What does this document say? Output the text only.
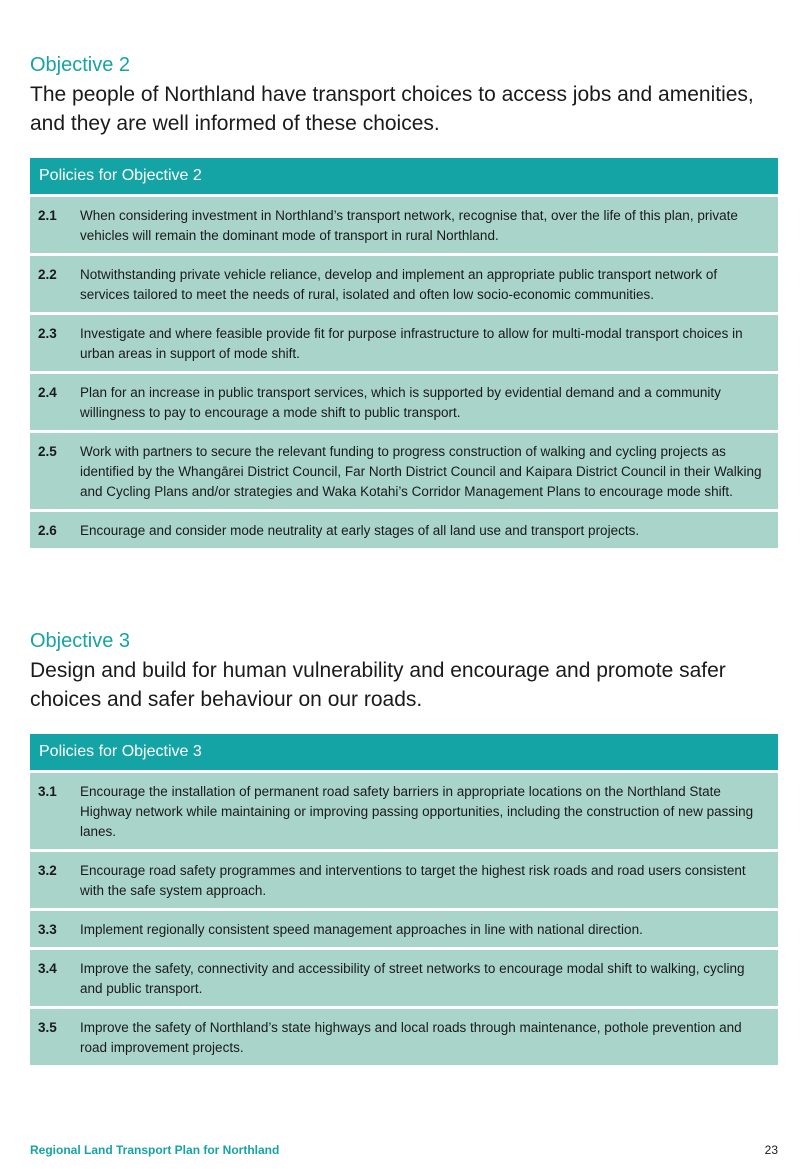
Objective 2

The people of Northland have transport choices to access jobs and amenities, and they are well informed of these choices.

Policies for Objective 2
2.1	When considering investment in Northland’s transport network, recognise that, over the life of this plan, private vehicles will remain the dominant mode of transport in rural Northland.
2.2	Notwithstanding private vehicle reliance, develop and implement an appropriate public transport network of services tailored to meet the needs of rural, isolated and often low socio-economic communities.
2.3	Investigate and where feasible provide fit for purpose infrastructure to allow for multi-modal transport choices in urban areas in support of mode shift.
2.4	Plan for an increase in public transport services, which is supported by evidential demand and a community willingness to pay to encourage a mode shift to public transport.
2.5	Work with partners to secure the relevant funding to progress construction of walking and cycling projects as identified by the Whangārei District Council, Far North District Council and Kaipara District Council in their Walking and Cycling Plans and/or strategies and Waka Kotahi’s Corridor Management Plans to encourage mode shift.
2.6	Encourage and consider mode neutrality at early stages of all land use and transport projects.

Objective 3

Design and build for human vulnerability and encourage and promote safer choices and safer behaviour on our roads.

Policies for Objective 3
3.1	Encourage the installation of permanent road safety barriers in appropriate locations on the Northland State Highway network while maintaining or improving passing opportunities, including the construction of new passing lanes.
3.2	Encourage road safety programmes and interventions to target the highest risk roads and road users consistent with the safe system approach.
3.3	Implement regionally consistent speed management approaches in line with national direction.
3.4	Improve the safety, connectivity and accessibility of street networks to encourage modal shift to walking, cycling and public transport.
3.5	Improve the safety of Northland’s state highways and local roads through maintenance, pothole prevention and road improvement projects.
Regional Land Transport Plan for Northland	23
